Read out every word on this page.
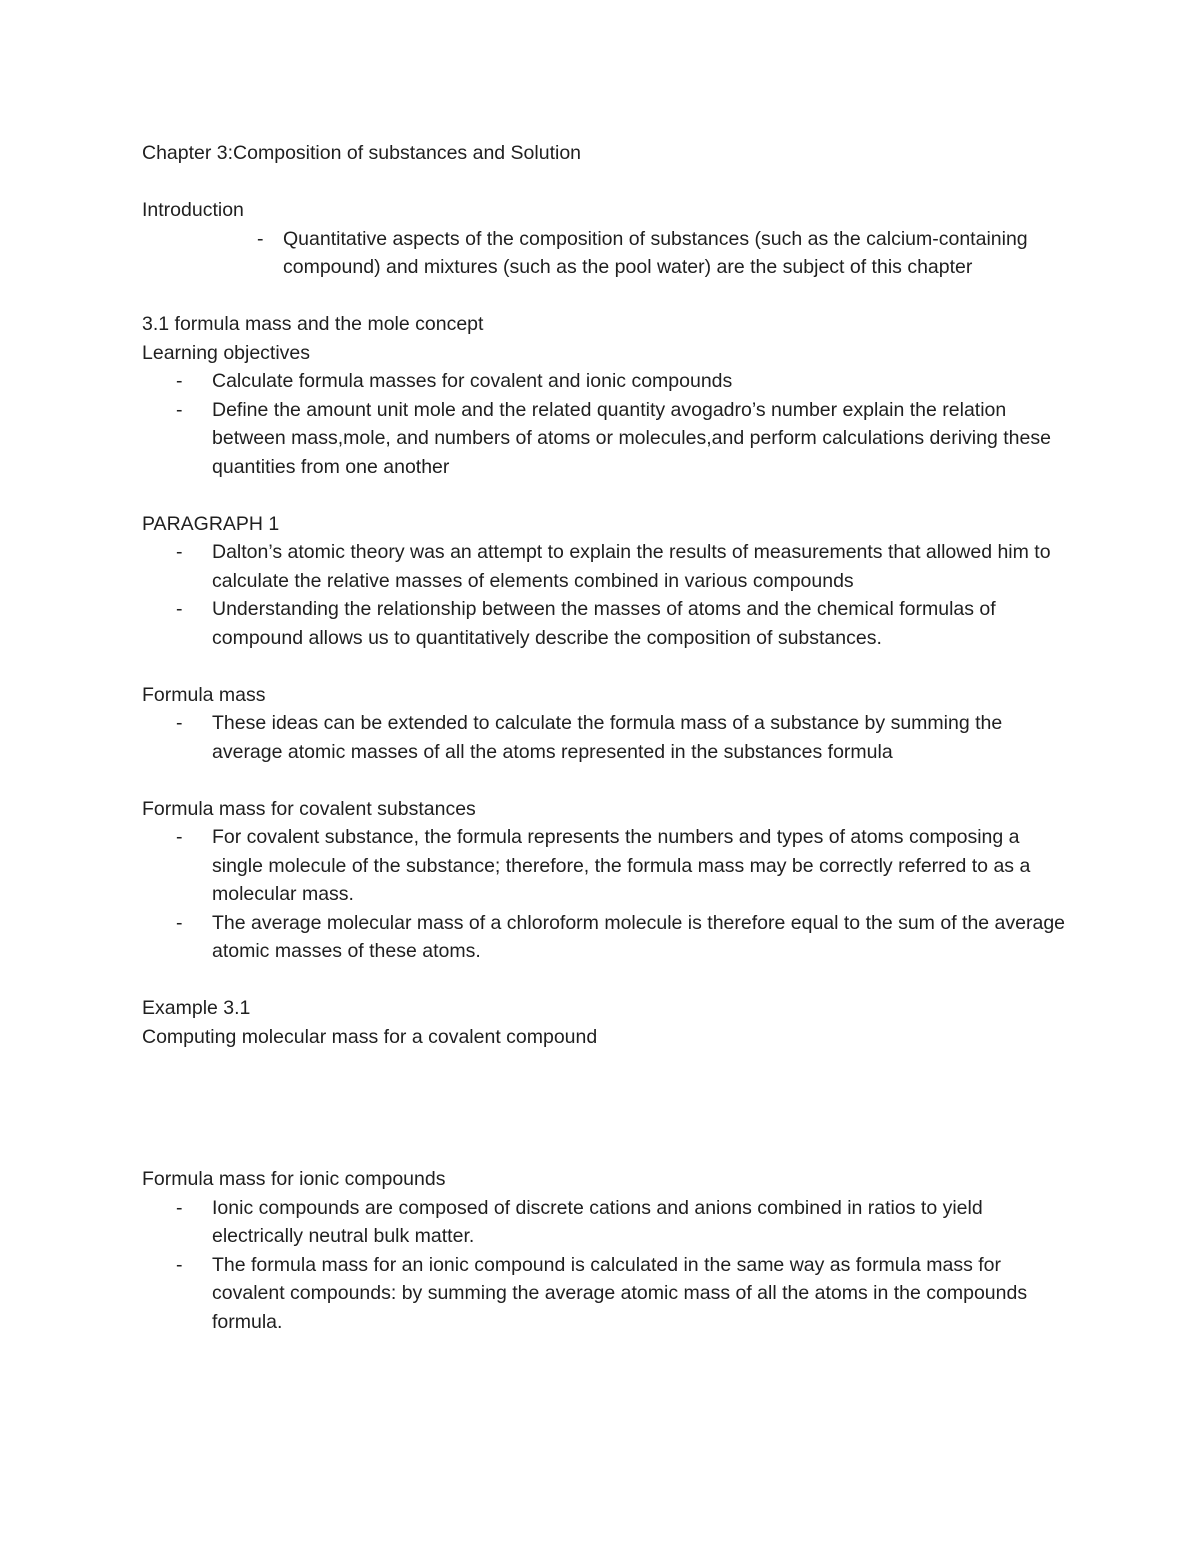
Chapter 3:Composition of substances and Solution

Introduction

- Quantitative aspects of the composition of substances (such as the calcium-containing compound) and mixtures (such as the pool water) are the subject of this chapter

3.1 formula mass and the mole concept

Learning objectives

- Calculate formula masses for covalent and ionic compounds
- Define the amount unit mole and the related quantity avogadro’s number explain the relation between mass,mole, and numbers of atoms or molecules,and perform calculations deriving these quantities from one another

PARAGRAPH 1

- Dalton’s atomic theory was an attempt to explain the results of measurements that allowed him to calculate the relative masses of elements combined in various compounds
- Understanding the relationship between the masses of atoms and the chemical formulas of compound allows us to quantitatively describe the composition of substances.

Formula mass

- These ideas can be extended to calculate the formula mass of a substance by summing the average atomic masses of all the atoms represented in the substances formula

Formula mass for covalent substances

- For covalent substance, the formula represents the numbers and types of atoms composing a single molecule of the substance; therefore, the formula mass may be correctly referred to as a molecular mass.
- The average molecular mass of a chloroform molecule is therefore equal to the sum of the average atomic masses of these atoms.

Example 3.1

Computing molecular mass for a covalent compound

Formula mass for ionic compounds

- Ionic compounds are composed of discrete cations and anions combined in ratios to yield electrically neutral bulk matter.
- The formula mass for an ionic compound is calculated in the same way as formula mass for covalent compounds: by summing the average atomic mass of all the atoms in the compounds formula.
